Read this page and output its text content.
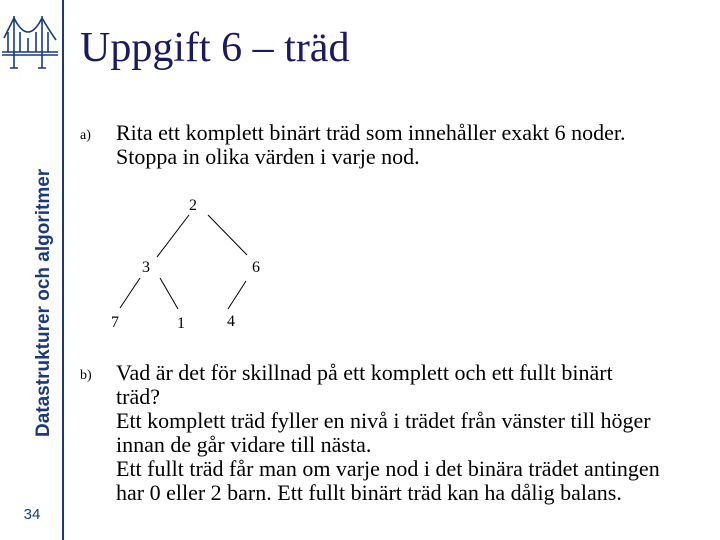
Datastrukturer och algoritmer
34
Uppgift 6 – träd
a) Rita ett komplett binärt träd som innehåller exakt 6 noder.
Stoppa in olika värden i varje nod.
2
3	6
7	1	4
b) Vad är det för skillnad på ett komplett och ett fullt binärt
träd?
Ett komplett träd fyller en nivå i trädet från vänster till höger
innan de går vidare till nästa.
Ett fullt träd får man om varje nod i det binära trädet antingen
har 0 eller 2 barn. Ett fullt binärt träd kan ha dålig balans.
